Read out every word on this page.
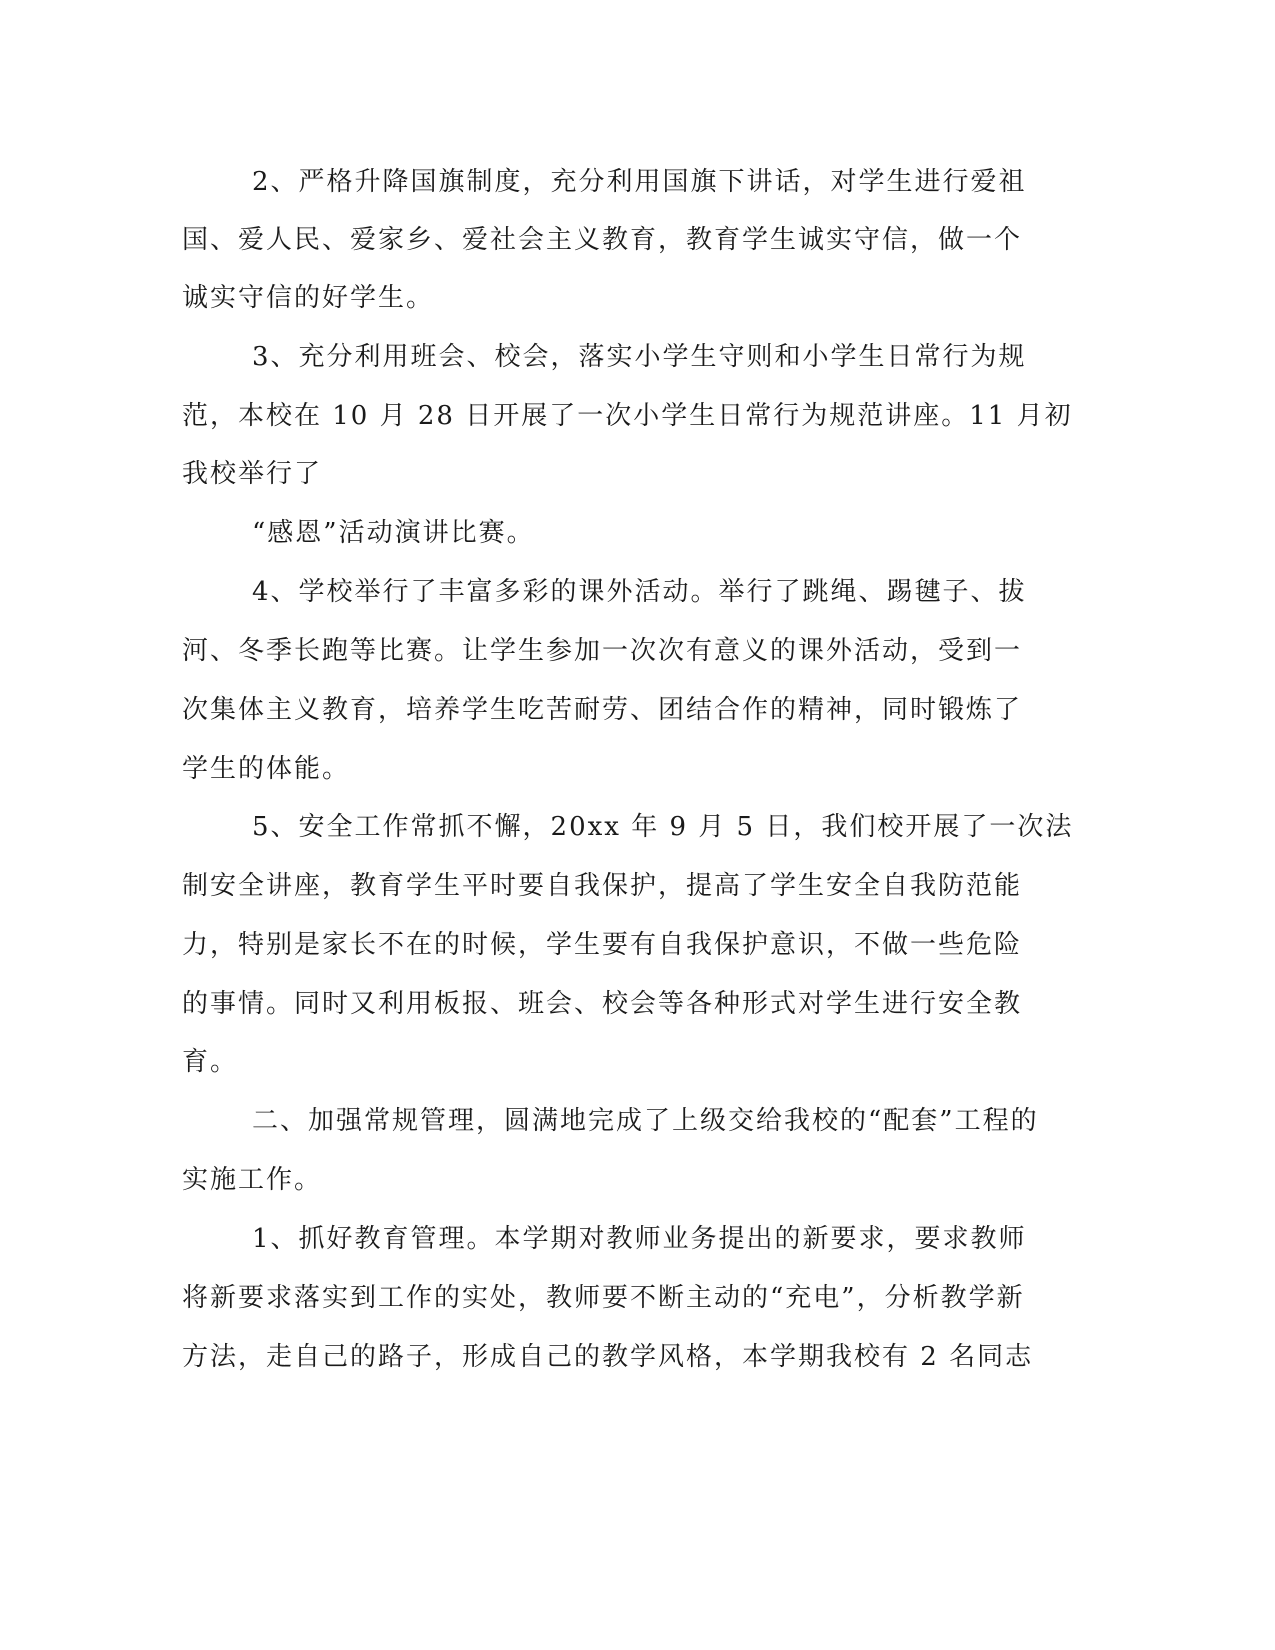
2、严格升降国旗制度，充分利用国旗下讲话，对学生进行爱祖

国、爱人民、爱家乡、爱社会主义教育，教育学生诚实守信，做一个

诚实守信的好学生。

3、充分利用班会、校会，落实小学生守则和小学生日常行为规

范，本校在 10 月 28 日开展了一次小学生日常行为规范讲座。11 月初

我校举行了

“感恩”活动演讲比赛。

4、学校举行了丰富多彩的课外活动。举行了跳绳、踢毽子、拔

河、冬季长跑等比赛。让学生参加一次次有意义的课外活动，受到一

次集体主义教育，培养学生吃苦耐劳、团结合作的精神，同时锻炼了

学生的体能。

5、安全工作常抓不懈，20xx 年 9 月 5 日，我们校开展了一次法

制安全讲座，教育学生平时要自我保护，提高了学生安全自我防范能

力，特别是家长不在的时候，学生要有自我保护意识，不做一些危险

的事情。同时又利用板报、班会、校会等各种形式对学生进行安全教

育。

二、加强常规管理，圆满地完成了上级交给我校的“配套”工程的

实施工作。

1、抓好教育管理。本学期对教师业务提出的新要求，要求教师

将新要求落实到工作的实处，教师要不断主动的“充电”，分析教学新

方法，走自己的路子，形成自己的教学风格，本学期我校有 2 名同志
